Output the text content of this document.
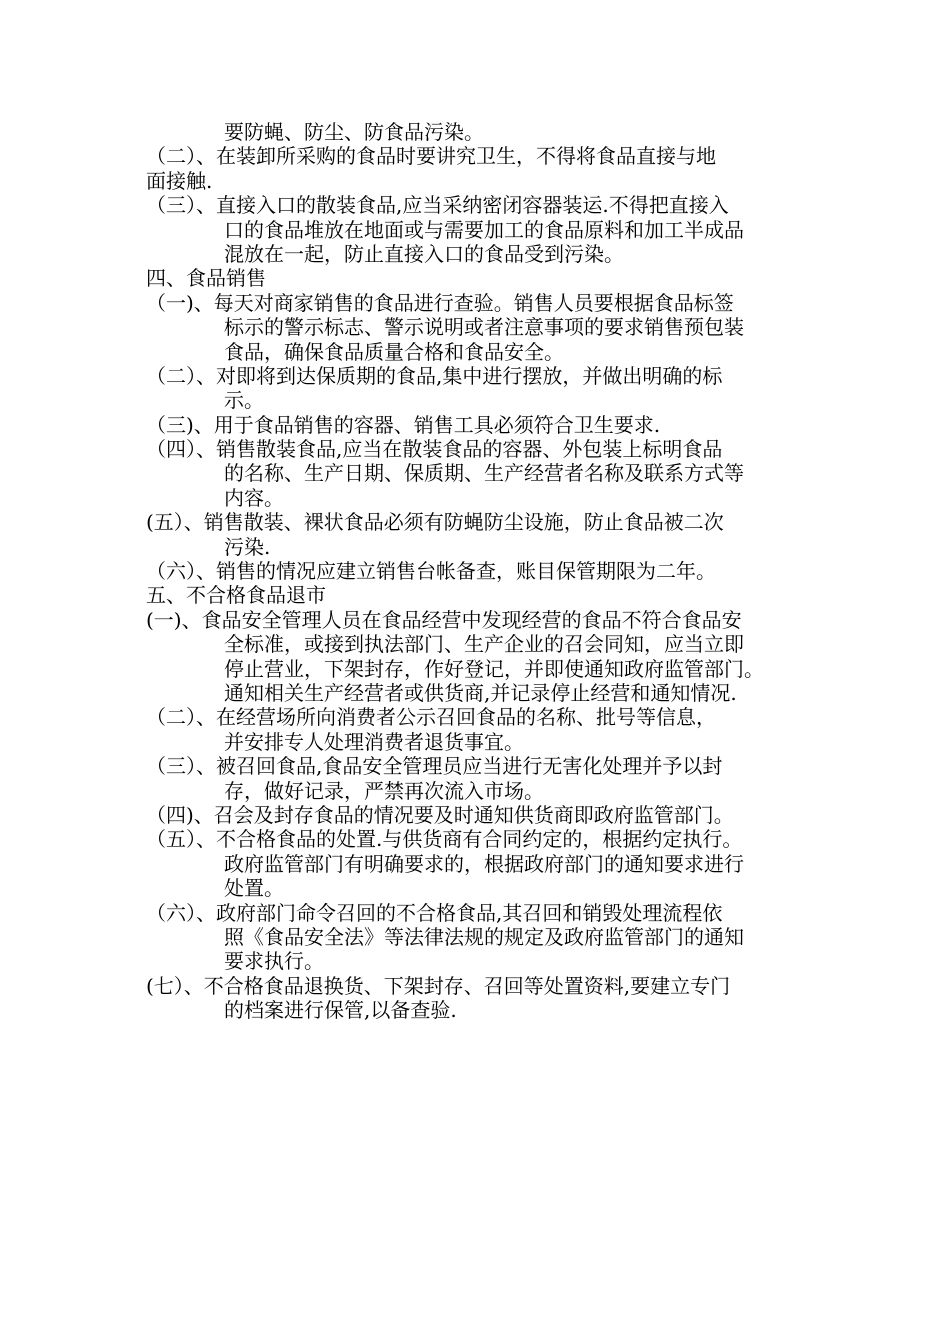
要防蝇、防尘、防食品污染。
（二）、在装卸所采购的食品时要讲究卫生，不得将食品直接与地
面接触.
（三）、直接入口的散装食品,应当采纳密闭容器装运.不得把直接入
口的食品堆放在地面或与需要加工的食品原料和加工半成品
混放在一起，防止直接入口的食品受到污染。
四、食品销售
（一)、每天对商家销售的食品进行查验。销售人员要根据食品标签
标示的警示标志、警示说明或者注意事项的要求销售预包装
食品，确保食品质量合格和食品安全。
（二）、对即将到达保质期的食品,集中进行摆放，并做出明确的标
示。
（三)、用于食品销售的容器、销售工具必须符合卫生要求.
（四）、销售散装食品,应当在散装食品的容器、外包装上标明食品
的名称、生产日期、保质期、生产经营者名称及联系方式等
内容。
(五）、销售散装、裸状食品必须有防蝇防尘设施，防止食品被二次
污染.
（六）、销售的情况应建立销售台帐备查，账目保管期限为二年。
五、不合格食品退市
(一)、食品安全管理人员在食品经营中发现经营的食品不符合食品安
全标准，或接到执法部门、生产企业的召会同知，应当立即
停止营业，下架封存，作好登记，并即使通知政府监管部门。
通知相关生产经营者或供货商,并记录停止经营和通知情况.
（二）、在经营场所向消费者公示召回食品的名称、批号等信息，
并安排专人处理消费者退货事宜。
（三）、被召回食品,食品安全管理员应当进行无害化处理并予以封
存，做好记录，严禁再次流入市场。
（四)、召会及封存食品的情况要及时通知供货商即政府监管部门。
（五）、不合格食品的处置.与供货商有合同约定的，根据约定执行。
政府监管部门有明确要求的，根据政府部门的通知要求进行
处置。
（六）、政府部门命令召回的不合格食品,其召回和销毁处理流程依
照《食品安全法》等法律法规的规定及政府监管部门的通知
要求执行。
(七）、不合格食品退换货、下架封存、召回等处置资料,要建立专门
的档案进行保管,以备查验.
